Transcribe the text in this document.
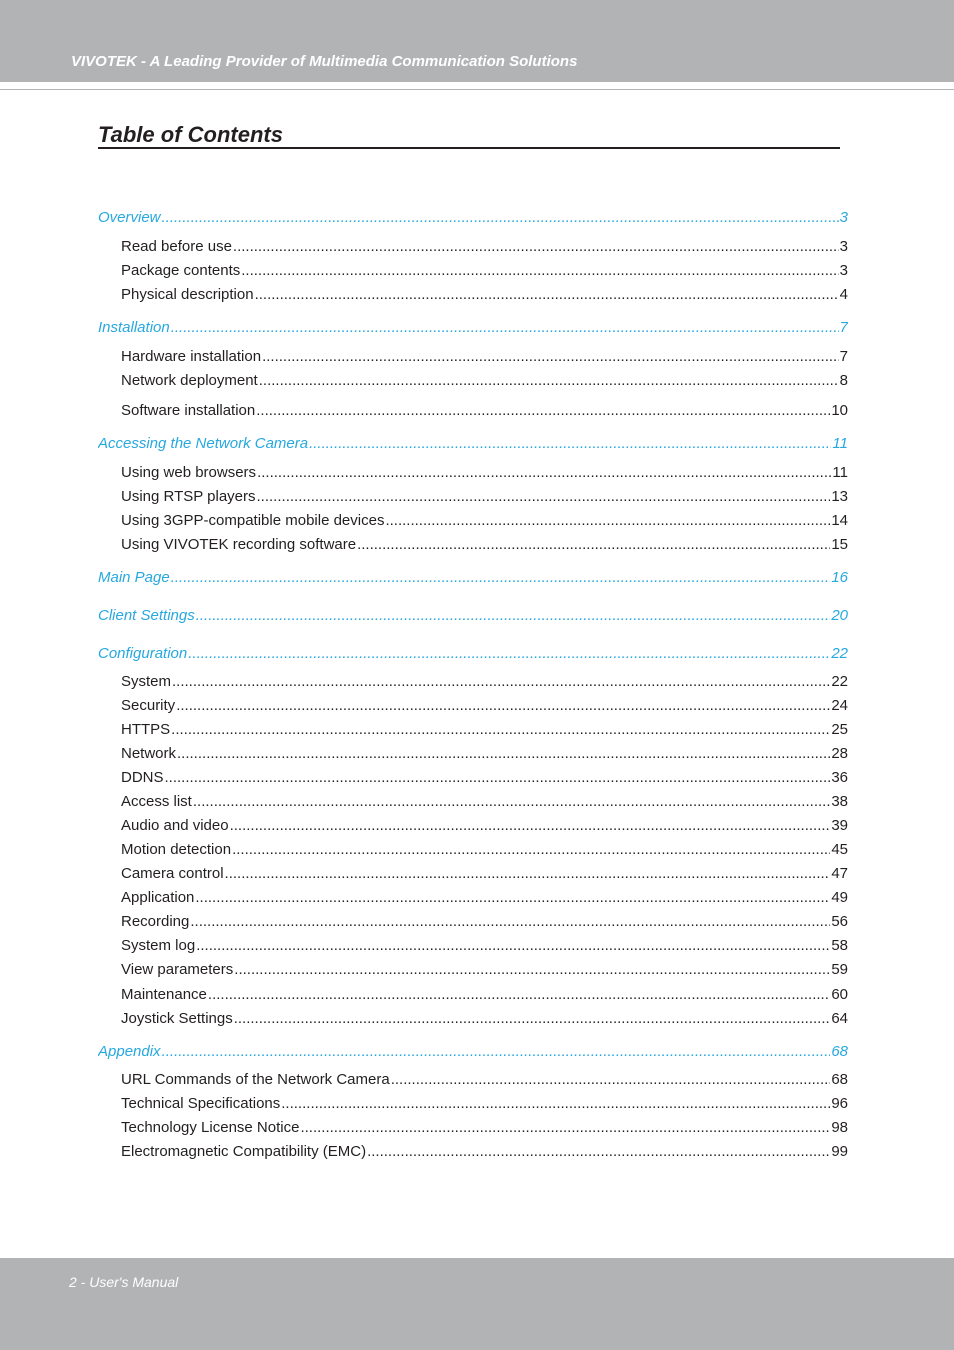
VIVOTEK - A Leading Provider of Multimedia Communication Solutions
Table of Contents
Overview .....	3
Read before use .....	3
Package contents .....	3
Physical description .....	4
Installation .....	7
Hardware installation .....	7
Network deployment .....	8
Software installation .....	10
Accessing the Network Camera .....	11
Using web browsers .....	11
Using RTSP players .....	13
Using 3GPP-compatible mobile devices .....	14
Using VIVOTEK recording software .....	15
Main Page .....	16
Client Settings .....	20
Configuration .....	22
System .....	22
Security .....	24
HTTPS .....	25
Network .....	28
DDNS .....	36
Access list .....	38
Audio and video .....	39
Motion detection .....	45
Camera control .....	47
Application .....	49
Recording .....	56
System log .....	58
View parameters .....	59
Maintenance .....	60
Joystick Settings .....	64
Appendix .....	68
URL Commands of the Network Camera .....	68
Technical Specifications .....	96
Technology License Notice .....	98
Electromagnetic Compatibility (EMC) .....	99
2 - User's Manual
